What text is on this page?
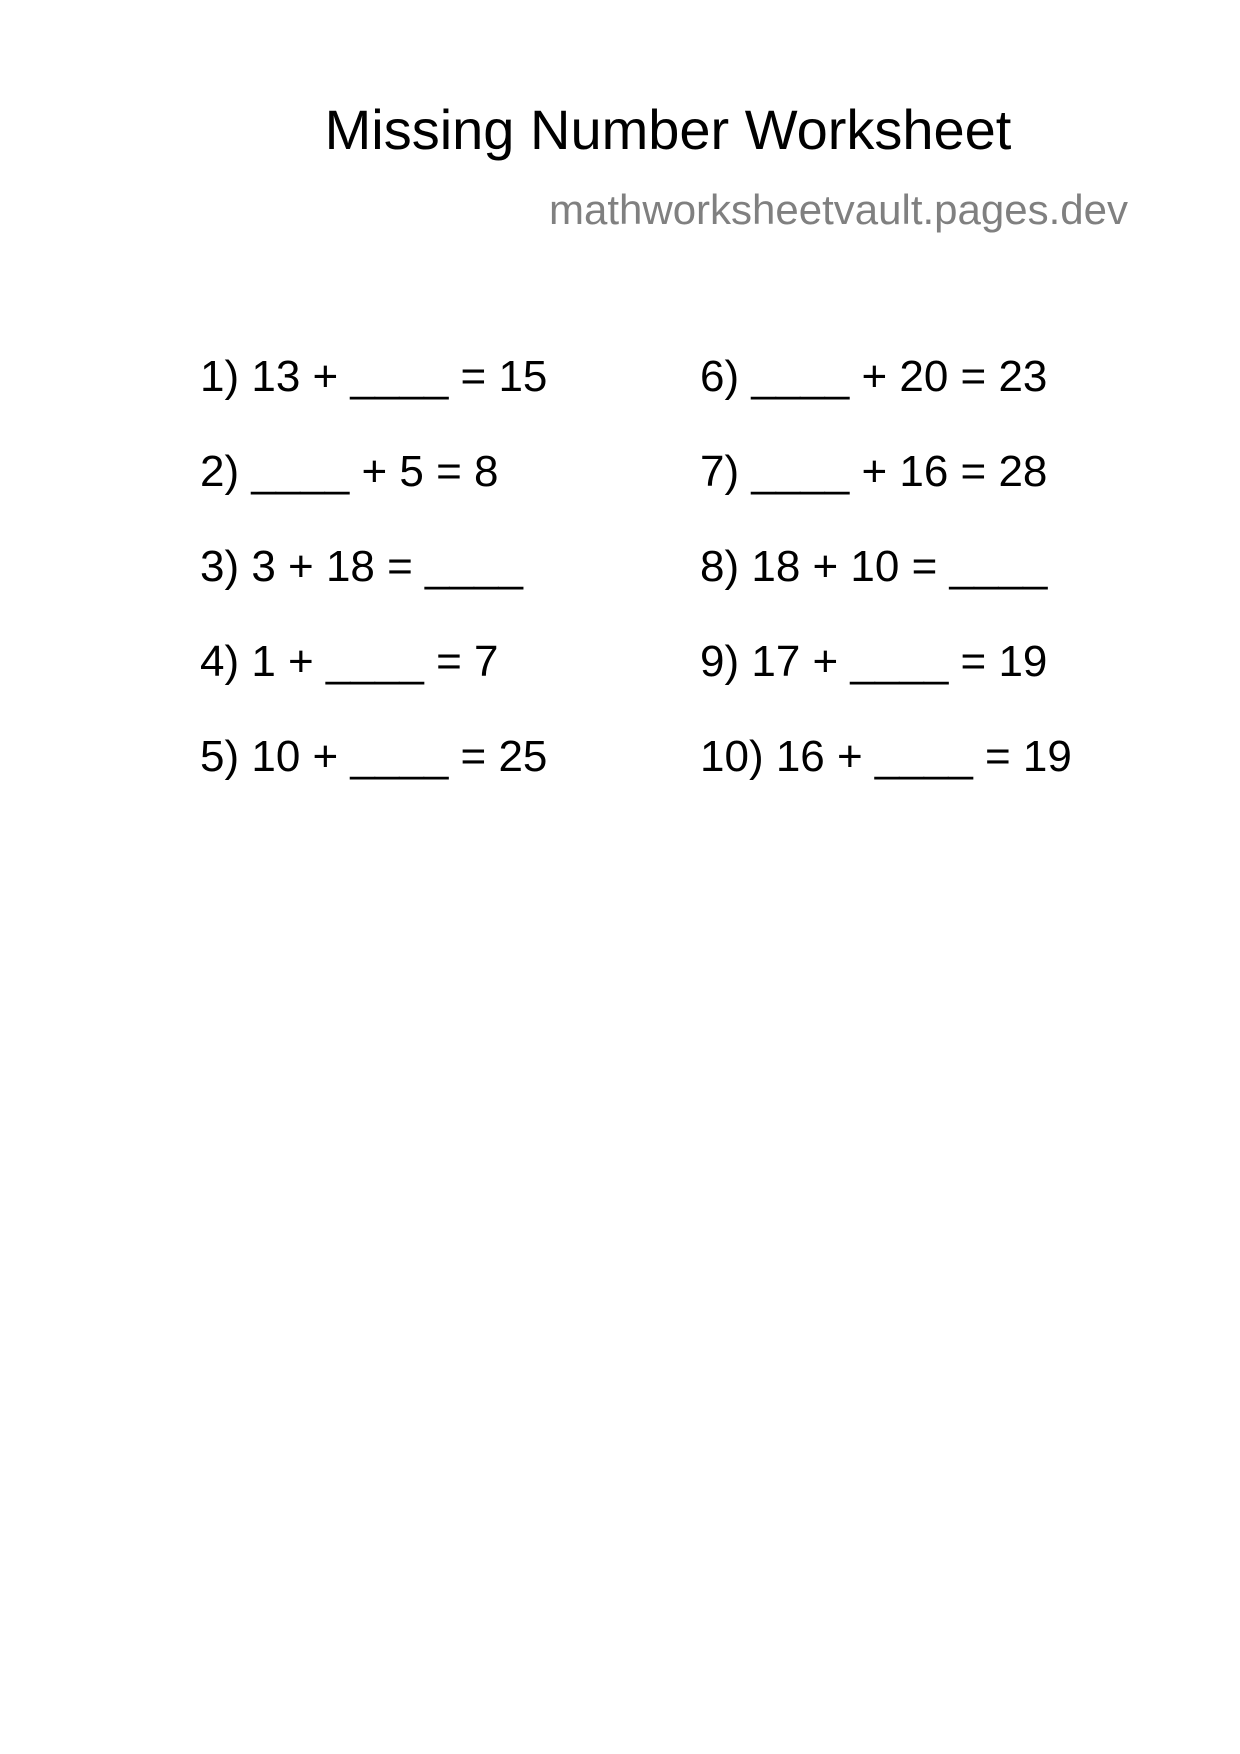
Missing Number Worksheet
mathworksheetvault.pages.dev
1) 13 + ____ = 15
2) ____ + 5 = 8
3) 3 + 18 = ____
4) 1 + ____ = 7
5) 10 + ____ = 25
6) ____ + 20 = 23
7) ____ + 16 = 28
8) 18 + 10 = ____
9) 17 + ____ = 19
10) 16 + ____ = 19
